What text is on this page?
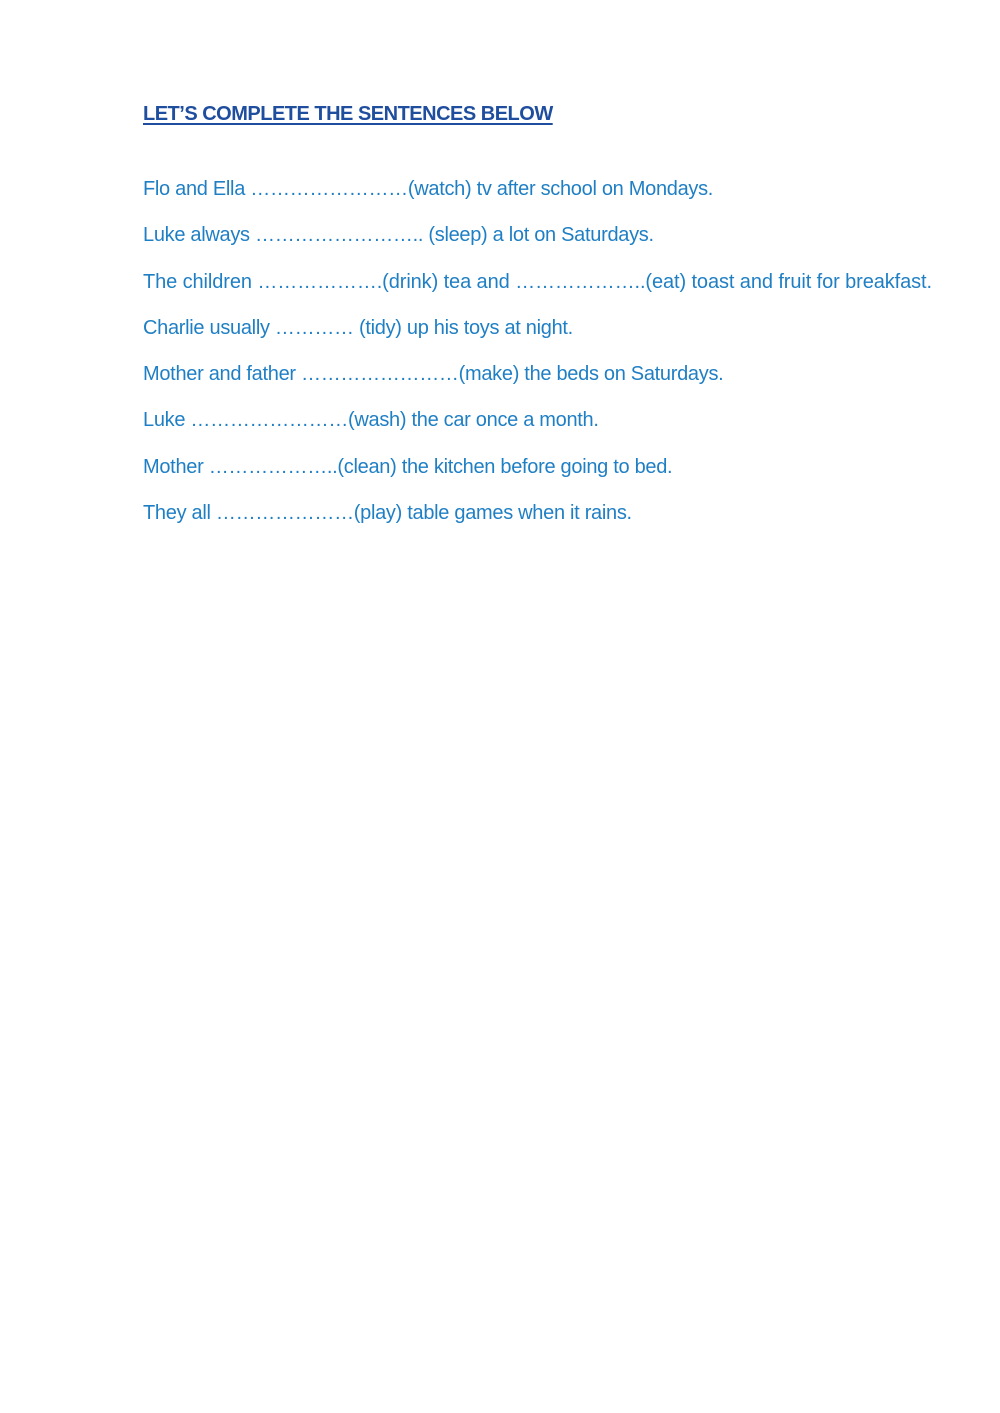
LET’S COMPLETE THE SENTENCES BELOW
Flo and Ella ……………………(watch) tv after school on Mondays.
Luke always …………………….. (sleep) a lot on Saturdays.
The children ……………….(drink) tea and ………………..(eat) toast and fruit for breakfast.
Charlie usually ………… (tidy) up his toys at night.
Mother and father ……………………(make) the beds on Saturdays.
Luke ……………………(wash) the car once a month.
Mother ………………..(clean) the kitchen before going to bed.
They all …………………(play) table games when it rains.
